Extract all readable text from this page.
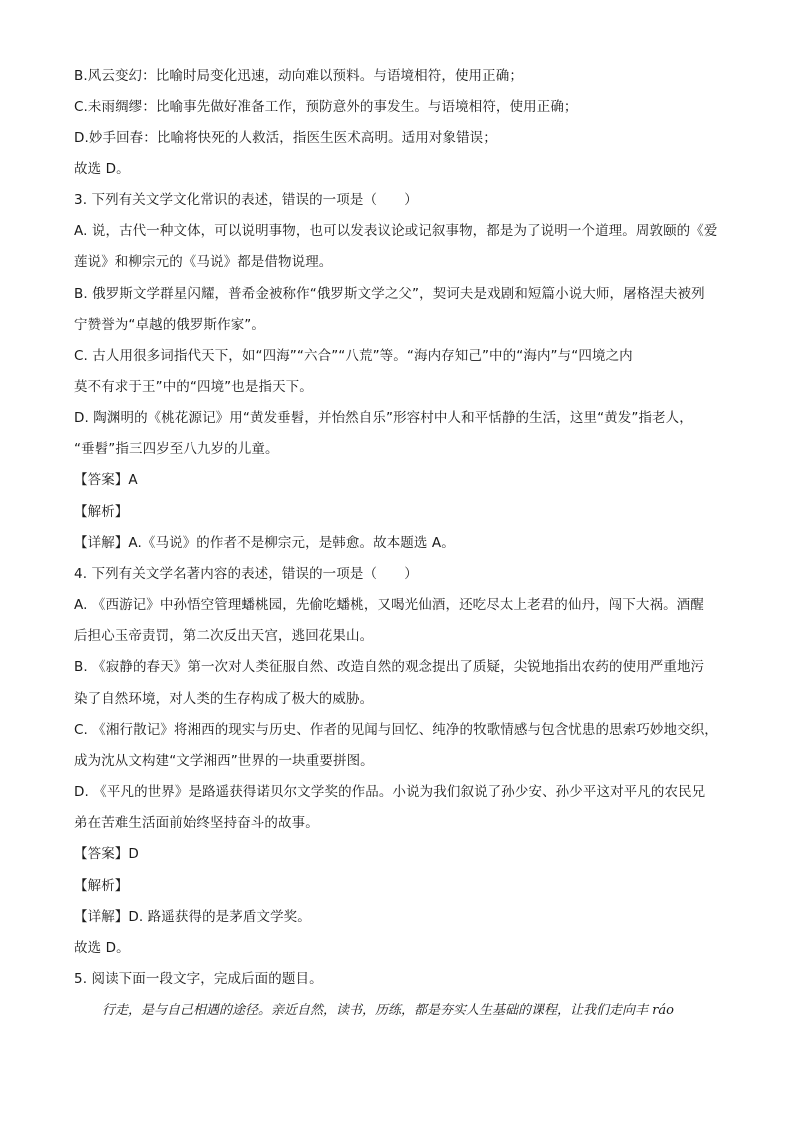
B.风云变幻：比喻时局变化迅速，动向难以预料。与语境相符，使用正确；
C.未雨绸缪：比喻事先做好准备工作，预防意外的事发生。与语境相符，使用正确；
D.妙手回春：比喻将快死的人救活，指医生医术高明。适用对象错误；
故选 D。
3. 下列有关文学文化常识的表述，错误的一项是（　　）
A. 说，古代一种文体，可以说明事物，也可以发表议论或记叙事物，都是为了说明一个道理。周敦颐的《爱
莲说》和柳宗元的《马说》都是借物说理。
B. 俄罗斯文学群星闪耀，普希金被称作“俄罗斯文学之父”，契诃夫是戏剧和短篇小说大师，屠格涅夫被列
宁赞誉为“卓越的俄罗斯作家”。
C. 古人用很多词指代天下，如“四海”“六合”“八荒”等。“海内存知己”中的“海内”与“四境之内
莫不有求于王”中的“四境”也是指天下。
D. 陶渊明的《桃花源记》用“黄发垂髫，并怡然自乐”形容村中人和平恬静的生活，这里“黄发”指老人，
“垂髫”指三四岁至八九岁的儿童。
【答案】A
【解析】
【详解】A.《马说》的作者不是柳宗元，是韩愈。故本题选 A。
4. 下列有关文学名著内容的表述，错误的一项是（　　）
A. 《西游记》中孙悟空管理蟠桃园，先偷吃蟠桃，又喝光仙酒，还吃尽太上老君的仙丹，闯下大祸。酒醒
后担心玉帝责罚，第二次反出天宫，逃回花果山。
B. 《寂静的春天》第一次对人类征服自然、改造自然的观念提出了质疑，尖锐地指出农药的使用严重地污
染了自然环境，对人类的生存构成了极大的威胁。
C. 《湘行散记》将湘西的现实与历史、作者的见闻与回忆、纯净的牧歌情感与包含忧患的思索巧妙地交织，
成为沈从文构建“文学湘西”世界的一块重要拼图。
D. 《平凡的世界》是路遥获得诺贝尔文学奖的作品。小说为我们叙说了孙少安、孙少平这对平凡的农民兄
弟在苦难生活面前始终坚持奋斗的故事。
【答案】D
【解析】
【详解】D. 路遥获得的是茅盾文学奖。
故选 D。
5. 阅读下面一段文字，完成后面的题目。
行走，是与自己相遇的途径。亲近自然，读书，历练，都是夯实人生基础的课程，让我们走向丰 ráo
